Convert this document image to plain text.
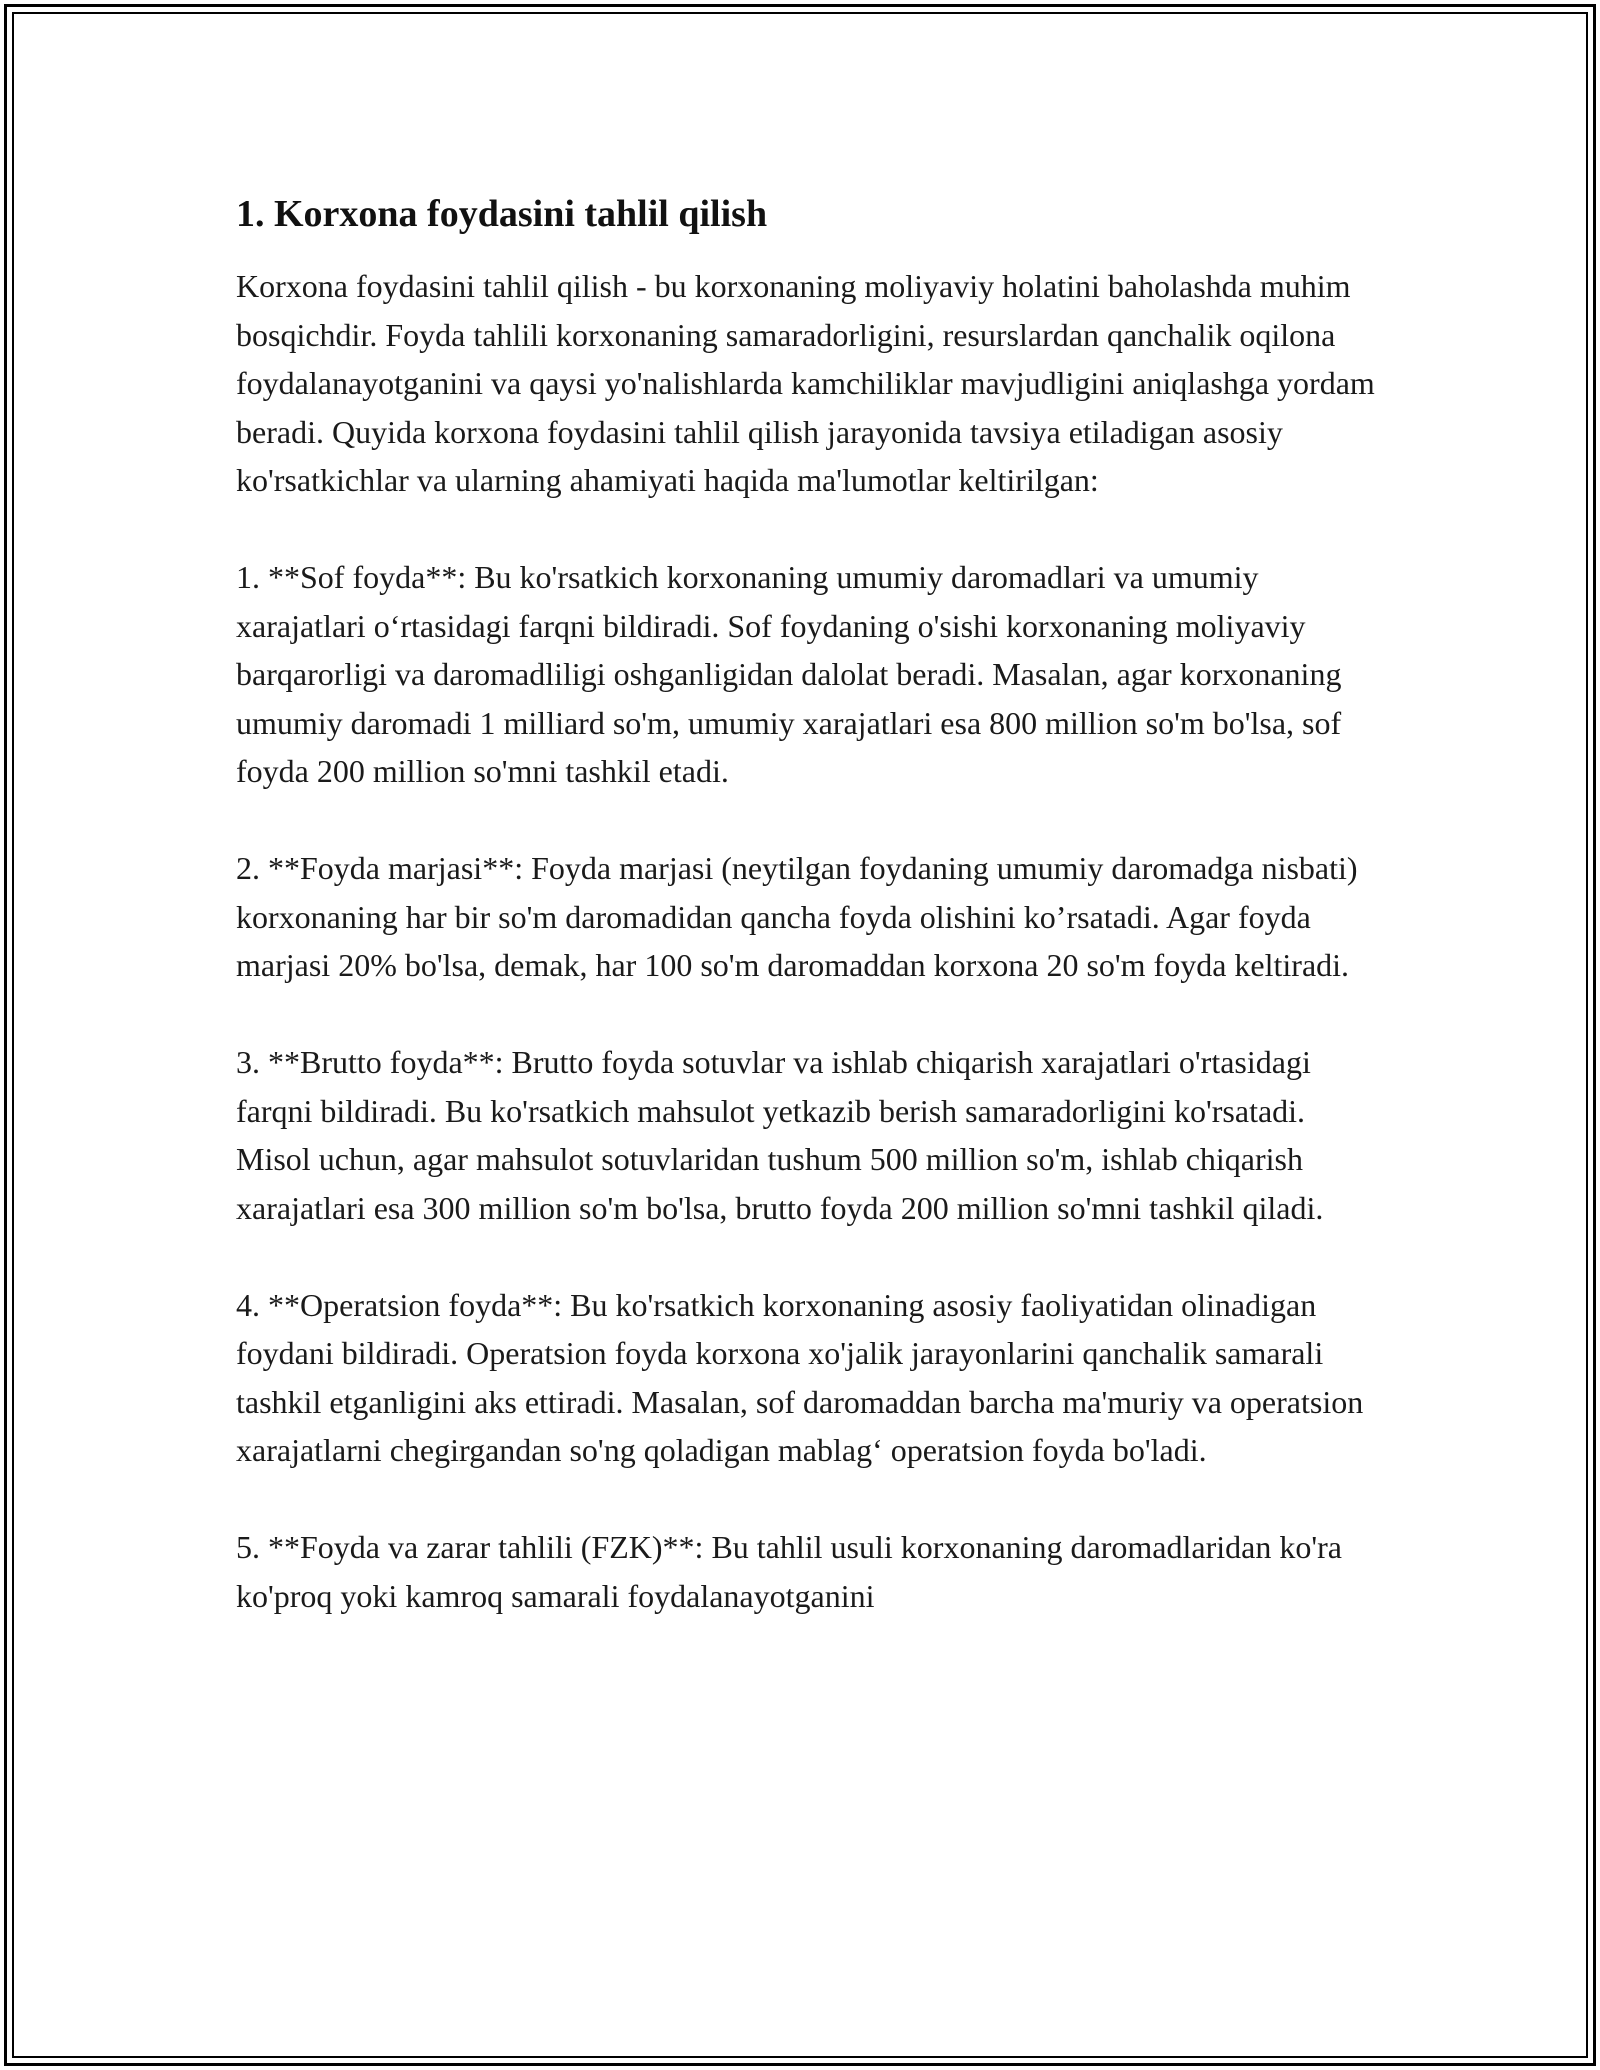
1. Korxona foydasini tahlil qilish

Korxona foydasini tahlil qilish - bu korxonaning moliyaviy holatini baholashda muhim bosqichdir. Foyda tahlili korxonaning samaradorligini, resurslardan qanchalik oqilona foydalanayotganini va qaysi yo'nalishlarda kamchiliklar mavjudligini aniqlashga yordam beradi. Quyida korxona foydasini tahlil qilish jarayonida tavsiya etiladigan asosiy ko'rsatkichlar va ularning ahamiyati haqida ma'lumotlar keltirilgan:

1. **Sof foyda**: Bu ko'rsatkich korxonaning umumiy daromadlari va umumiy xarajatlari o‘rtasidagi farqni bildiradi. Sof foydaning o'sishi korxonaning moliyaviy barqarorligi va daromadliligi oshganligidan dalolat beradi. Masalan, agar korxonaning umumiy daromadi 1 milliard so'm, umumiy xarajatlari esa 800 million so'm bo'lsa, sof foyda 200 million so'mni tashkil etadi.

2. **Foyda marjasi**: Foyda marjasi (neytilgan foydaning umumiy daromadga nisbati) korxonaning har bir so'm daromadidan qancha foyda olishini ko’rsatadi. Agar foyda marjasi 20% bo'lsa, demak, har 100 so'm daromaddan korxona 20 so'm foyda keltiradi.

3. **Brutto foyda**: Brutto foyda sotuvlar va ishlab chiqarish xarajatlari o'rtasidagi farqni bildiradi. Bu ko'rsatkich mahsulot yetkazib berish samaradorligini ko'rsatadi. Misol uchun, agar mahsulot sotuvlaridan tushum 500 million so'm, ishlab chiqarish xarajatlari esa 300 million so'm bo'lsa, brutto foyda 200 million so'mni tashkil qiladi.

4. **Operatsion foyda**: Bu ko'rsatkich korxonaning asosiy faoliyatidan olinadigan foydani bildiradi. Operatsion foyda korxona xo'jalik jarayonlarini qanchalik samarali tashkil etganligini aks ettiradi. Masalan, sof daromaddan barcha ma'muriy va operatsion xarajatlarni chegirgandan so'ng qoladigan mablag‘ operatsion foyda bo'ladi.

5. **Foyda va zarar tahlili (FZK)**: Bu tahlil usuli korxonaning daromadlaridan ko'ra ko'proq yoki kamroq samarali foydalanayotganini
